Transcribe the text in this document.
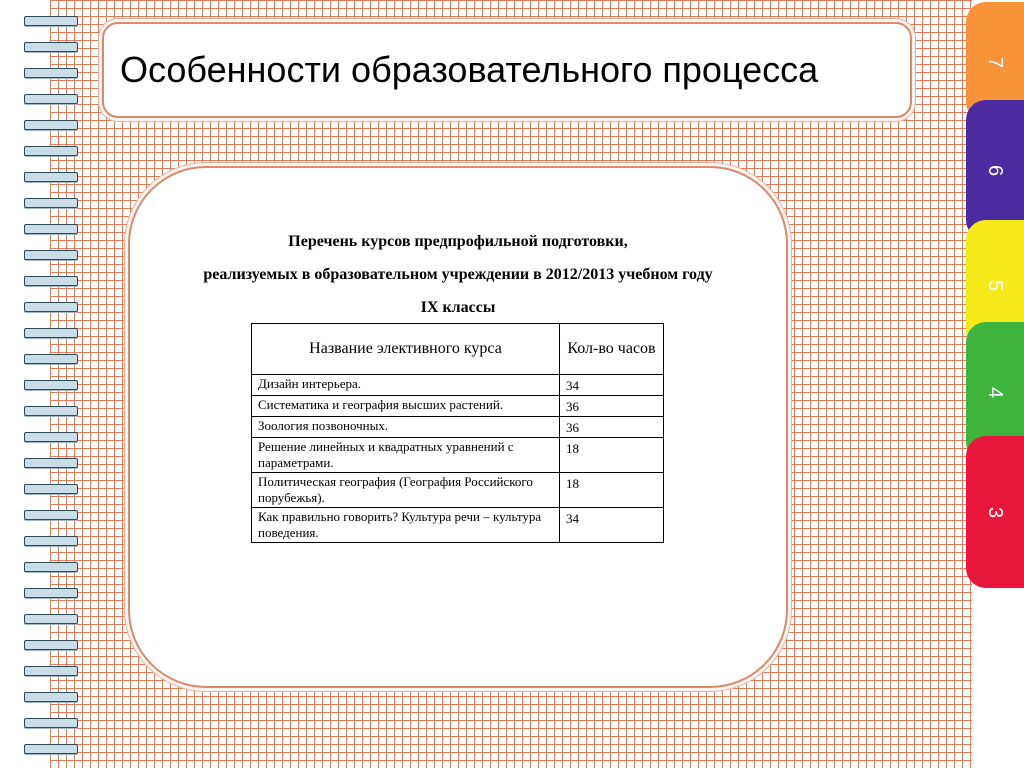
Особенности образовательного процесса
Перечень курсов предпрофильной подготовки,
реализуемых в образовательном учреждении в 2012/2013 учебном году
IX классы
Название элективного курса	Кол-во часов
Дизайн интерьера.	34
Систематика и география высших растений.	36
Зоология позвоночных.	36
Решение линейных и квадратных уравнений с параметрами.	18
Политическая география (География Российского порубежья).	18
Как правильно говорить? Культура речи – культура поведения.	34
7
6
5
4
3
